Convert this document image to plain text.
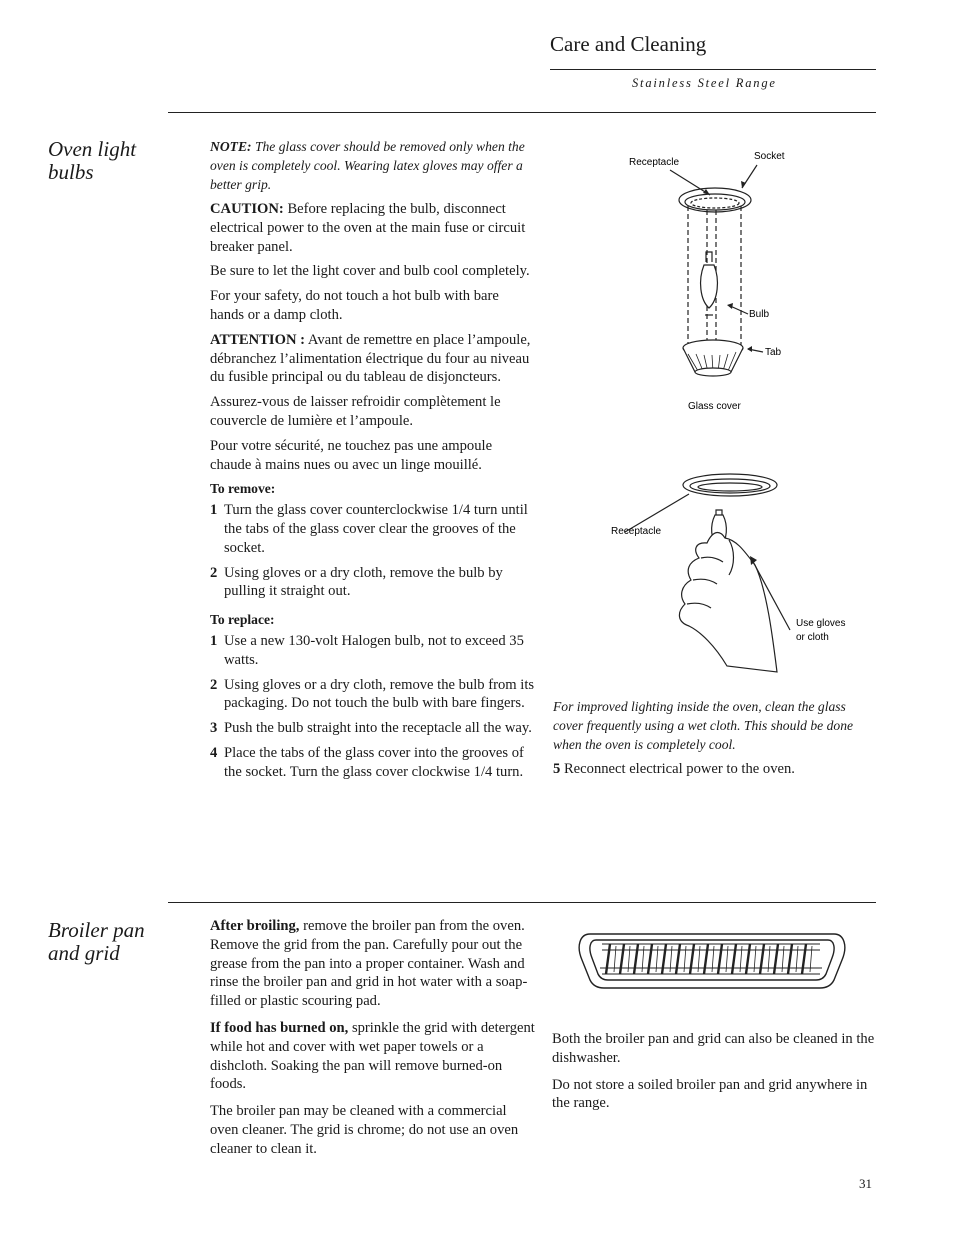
Care and Cleaning
Stainless Steel Range
Oven light
bulbs

NOTE: The glass cover should be removed only when the oven is completely cool. Wearing latex gloves may offer a better grip.

CAUTION: Before replacing the bulb, disconnect electrical power to the oven at the main fuse or circuit breaker panel.

Be sure to let the light cover and bulb cool completely.

For your safety, do not touch a hot bulb with bare hands or a damp cloth.

ATTENTION : Avant de remettre en place l’ampoule, débranchez l’alimentation électrique du four au niveau du fusible principal ou du tableau de disjoncteurs.

Assurez-vous de laisser refroidir complètement le couvercle de lumière et l’ampoule.

Pour votre sécurité, ne touchez pas une ampoule chaude à mains nues ou avec un linge mouillé.

To remove:

1 Turn the glass cover counterclockwise 1/4 turn until the tabs of the glass cover clear the grooves of the socket.
2 Using gloves or a dry cloth, remove the bulb by pulling it straight out.

To replace:

1 Use a new 130-volt Halogen bulb, not to exceed 35 watts.
2 Using gloves or a dry cloth, remove the bulb from its packaging. Do not touch the bulb with bare fingers.
3 Push the bulb straight into the receptacle all the way.
4 Place the tabs of the glass cover into the grooves of the socket. Turn the glass cover clockwise 1/4 turn.
Receptacle
Socket
Bulb
Tab
Glass cover
Receptacle
Use gloves
or cloth

For improved lighting inside the oven, clean the glass cover frequently using a wet cloth. This should be done when the oven is completely cool.

5 Reconnect electrical power to the oven.

Broiler pan
and grid

After broiling, remove the broiler pan from the oven. Remove the grid from the pan. Carefully pour out the grease from the pan into a proper container. Wash and rinse the broiler pan and grid in hot water with a soap-filled or plastic scouring pad.

If food has burned on, sprinkle the grid with detergent while hot and cover with wet paper towels or a dishcloth. Soaking the pan will remove burned-on foods.

The broiler pan may be cleaned with a commercial oven cleaner. The grid is chrome; do not use an oven cleaner to clean it.

Both the broiler pan and grid can also be cleaned in the dishwasher.

Do not store a soiled broiler pan and grid anywhere in the range.

31
